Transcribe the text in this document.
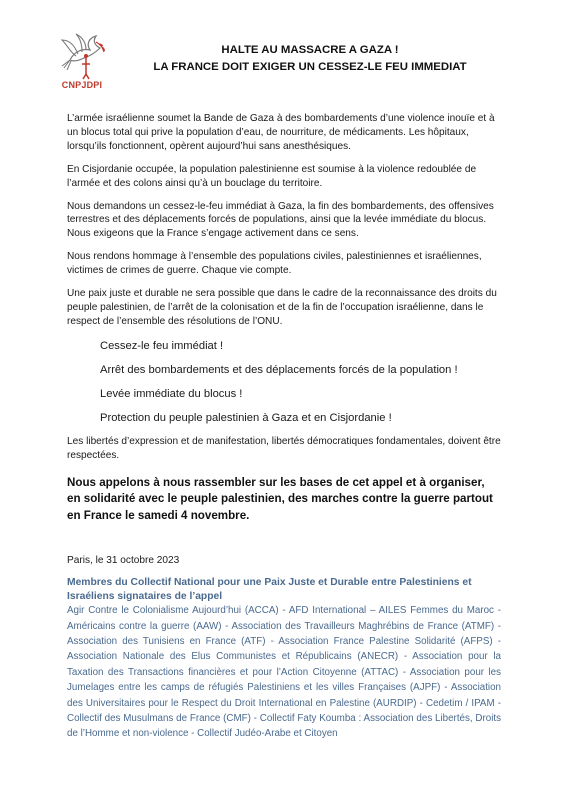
CNPJDPI
HALTE AU MASSACRE A GAZA !
LA FRANCE DOIT EXIGER UN CESSEZ-LE FEU IMMEDIAT

L’armée israélienne soumet la Bande de Gaza à des bombardements d’une violence inouïe et à un blocus total qui prive la population d’eau, de nourriture, de médicaments. Les hôpitaux, lorsqu’ils fonctionnent, opèrent aujourd’hui sans anesthésiques.

En Cisjordanie occupée, la population palestinienne est soumise à la violence redoublée de l’armée et des colons ainsi qu’à un bouclage du territoire.

Nous demandons un cessez-le-feu immédiat à Gaza, la fin des bombardements, des offensives terrestres et des déplacements forcés de populations, ainsi que la levée immédiate du blocus. Nous exigeons que la France s’engage activement dans ce sens.

Nous rendons hommage à l’ensemble des populations civiles, palestiniennes et israéliennes, victimes de crimes de guerre. Chaque vie compte.

Une paix juste et durable ne sera possible que dans le cadre de la reconnaissance des droits du peuple palestinien, de l’arrêt de la colonisation et de la fin de l’occupation israélienne, dans le respect de l’ensemble des résolutions de l’ONU.

Cessez-le feu immédiat !

Arrêt des bombardements et des déplacements forcés de la population !

Levée immédiate du blocus !

Protection du peuple palestinien à Gaza et en Cisjordanie !

Les libertés d’expression et de manifestation, libertés démocratiques fondamentales, doivent être respectées.

Nous appelons à nous rassembler sur les bases de cet appel et à organiser, en solidarité avec le peuple palestinien, des marches contre la guerre partout en France le samedi 4 novembre.

Paris, le 31 octobre 2023

Membres du Collectif National pour une Paix Juste et Durable entre Palestiniens et Israéliens signataires de l’appel

Agir Contre le Colonialisme Aujourd’hui (ACCA) - AFD International – AILES Femmes du Maroc - Américains contre la guerre (AAW) - Association des Travailleurs Maghrébins de France (ATMF) - Association des Tunisiens en France (ATF) - Association France Palestine Solidarité (AFPS) - Association Nationale des Elus Communistes et Républicains (ANECR) - Association pour la Taxation des Transactions financières et pour l’Action Citoyenne (ATTAC) - Association pour les Jumelages entre les camps de réfugiés Palestiniens et les villes Françaises (AJPF) - Association des Universitaires pour le Respect du Droit International en Palestine (AURDIP) - Cedetim / IPAM - Collectif des Musulmans de France (CMF) - Collectif Faty Koumba : Association des Libertés, Droits de l’Homme et non-violence - Collectif Judéo-Arabe et Citoyen
